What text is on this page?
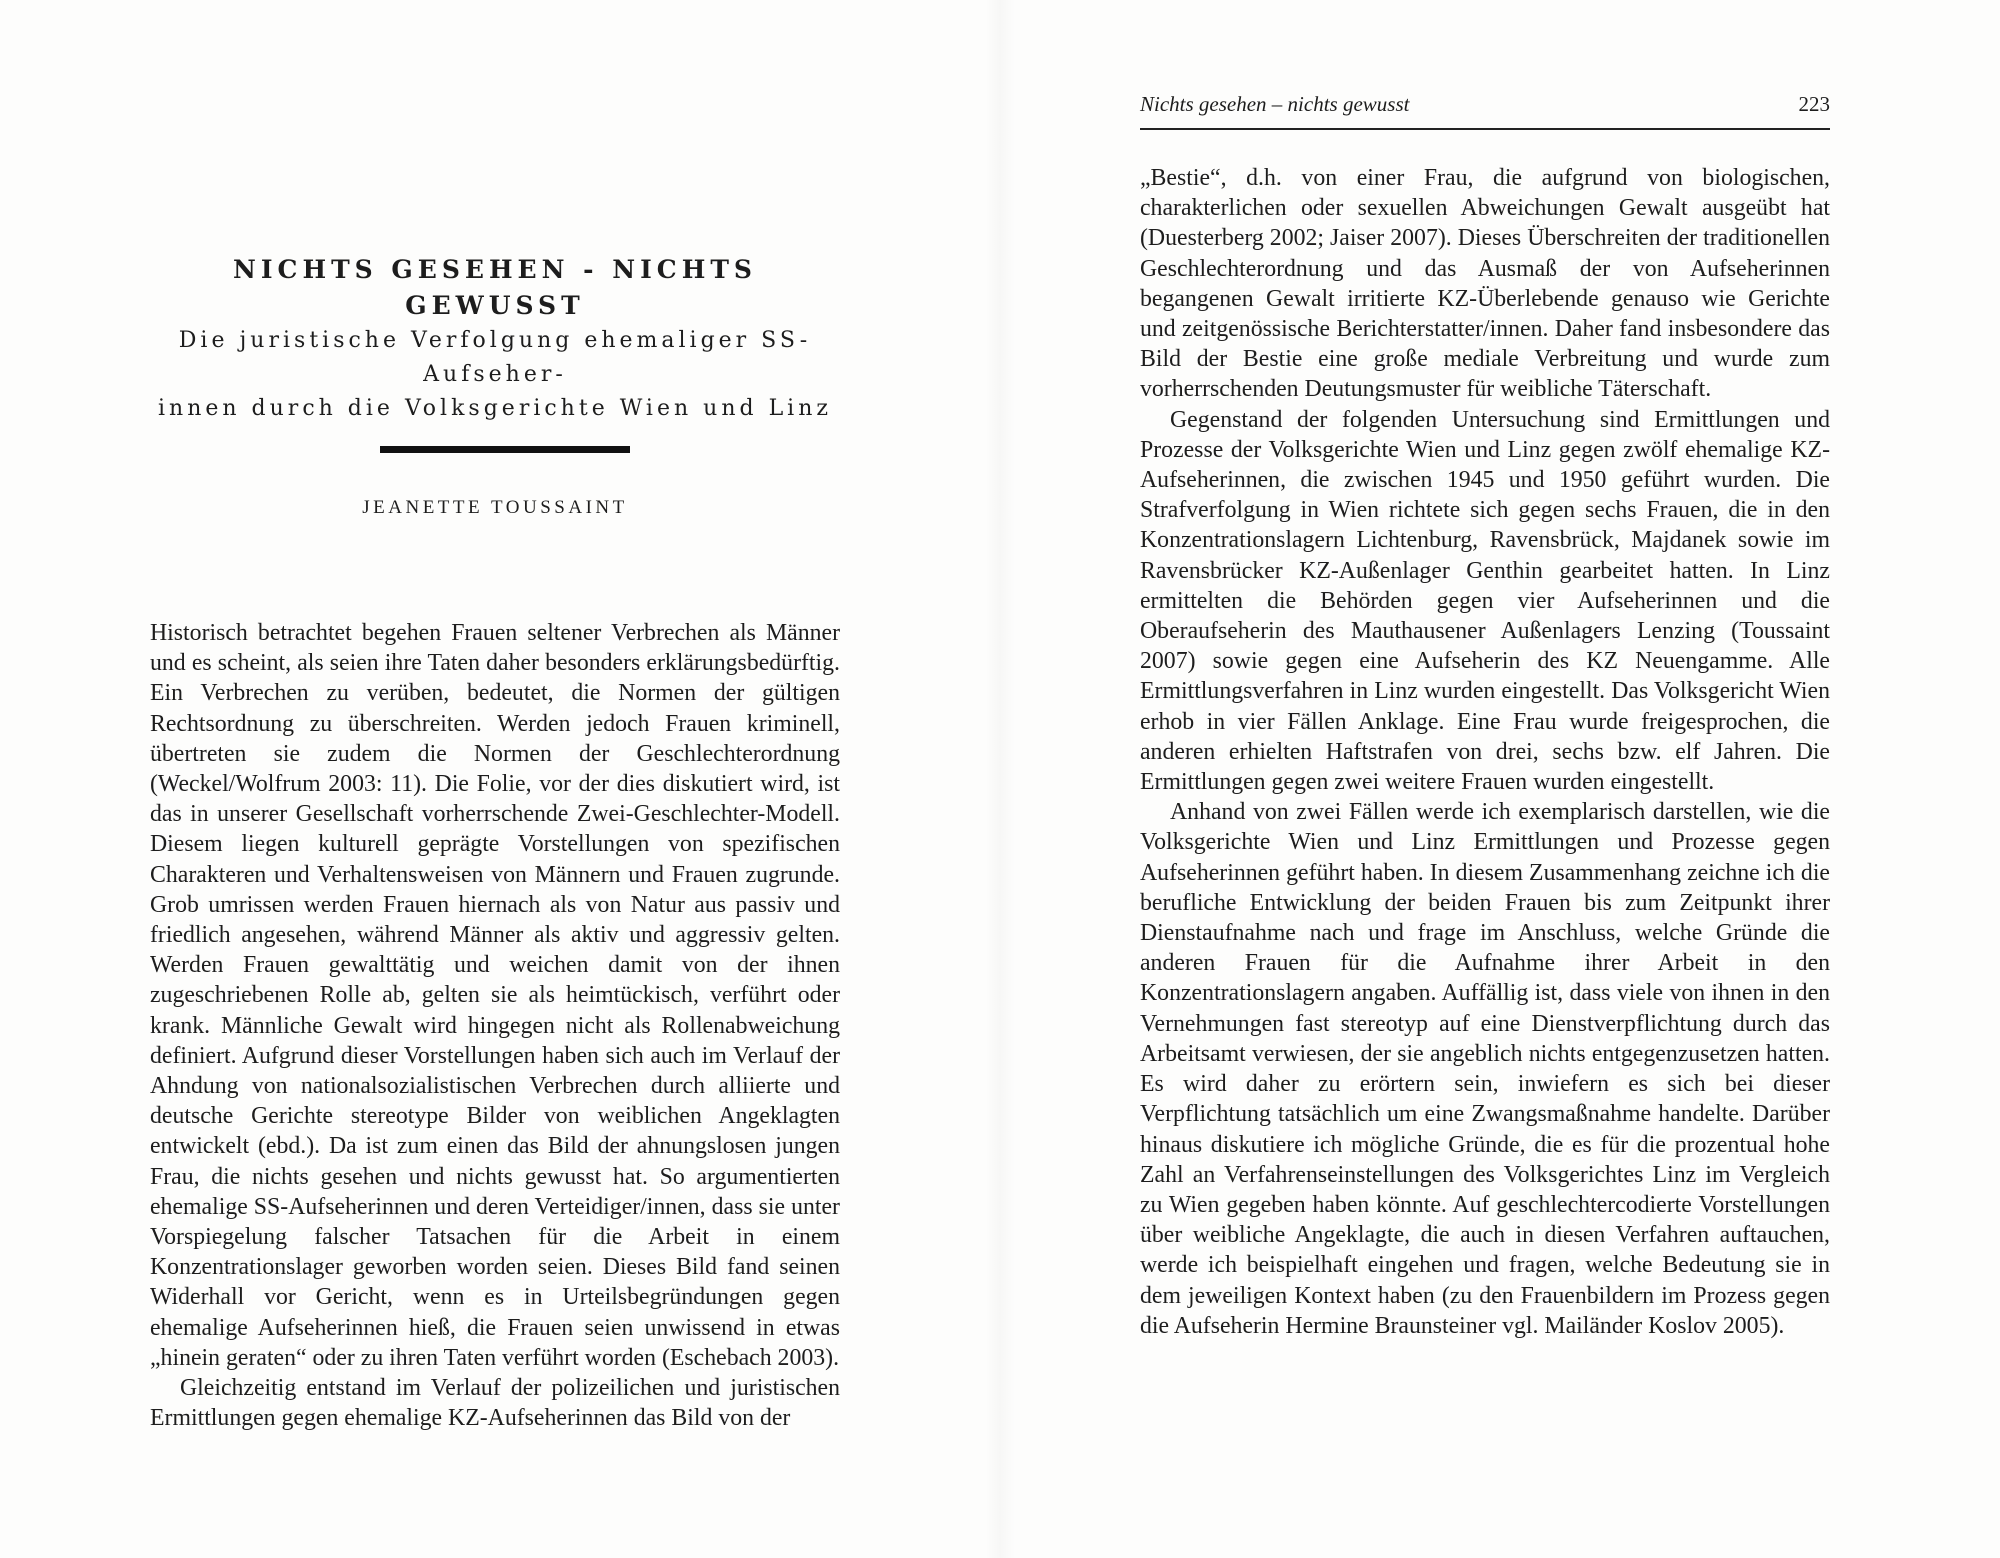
NICHTS GESEHEN - NICHTS GEWUSST

Die juristische Verfolgung ehemaliger SS-Aufseher-

innen durch die Volksgerichte Wien und Linz

JEANETTE TOUSSAINT

Historisch betrachtet begehen Frauen seltener Verbrechen als Männer und es scheint, als seien ihre Taten daher besonders erklärungsbedürftig. Ein Verbrechen zu verüben, bedeutet, die Normen der gültigen Rechtsordnung zu überschreiten. Werden jedoch Frauen kriminell, übertreten sie zudem die Normen der Geschlechterordnung (Weckel/Wolfrum 2003: 11). Die Folie, vor der dies diskutiert wird, ist das in unserer Gesellschaft vorherrschende Zwei-Geschlechter-Modell. Diesem liegen kulturell geprägte Vorstellungen von spezifischen Charakteren und Verhaltensweisen von Männern und Frauen zugrunde. Grob umrissen werden Frauen hiernach als von Natur aus passiv und friedlich angesehen, während Männer als aktiv und aggressiv gelten. Werden Frauen gewalttätig und weichen damit von der ihnen zugeschriebenen Rolle ab, gelten sie als heimtückisch, verführt oder krank. Männliche Gewalt wird hingegen nicht als Rollenabweichung definiert. Aufgrund dieser Vorstellungen haben sich auch im Verlauf der Ahndung von nationalsozialistischen Verbrechen durch alliierte und deutsche Gerichte stereotype Bilder von weiblichen Angeklagten entwickelt (ebd.). Da ist zum einen das Bild der ahnungslosen jungen Frau, die nichts gesehen und nichts gewusst hat. So argumentierten ehemalige SS-Aufseherinnen und deren Verteidiger/innen, dass sie unter Vorspiegelung falscher Tatsachen für die Arbeit in einem Konzentrationslager geworben worden seien. Dieses Bild fand seinen Widerhall vor Gericht, wenn es in Urteilsbegründungen gegen ehemalige Aufseherinnen hieß, die Frauen seien unwissend in etwas „hinein geraten“ oder zu ihren Taten verführt worden (Eschebach 2003).

Gleichzeitig entstand im Verlauf der polizeilichen und juristischen Ermittlungen gegen ehemalige KZ-Aufseherinnen das Bild von der

Nichts gesehen – nichts gewusst	223

„Bestie“, d.h. von einer Frau, die aufgrund von biologischen, charakterlichen oder sexuellen Abweichungen Gewalt ausgeübt hat (Duesterberg 2002; Jaiser 2007). Dieses Überschreiten der traditionellen Geschlechterordnung und das Ausmaß der von Aufseherinnen begangenen Gewalt irritierte KZ-Überlebende genauso wie Gerichte und zeitgenössische Berichterstatter/innen. Daher fand insbesondere das Bild der Bestie eine große mediale Verbreitung und wurde zum vorherrschenden Deutungsmuster für weibliche Täterschaft.

Gegenstand der folgenden Untersuchung sind Ermittlungen und Prozesse der Volksgerichte Wien und Linz gegen zwölf ehemalige KZ-Aufseherinnen, die zwischen 1945 und 1950 geführt wurden. Die Strafverfolgung in Wien richtete sich gegen sechs Frauen, die in den Konzentrationslagern Lichtenburg, Ravensbrück, Majdanek sowie im Ravensbrücker KZ-Außenlager Genthin gearbeitet hatten. In Linz ermittelten die Behörden gegen vier Aufseherinnen und die Oberaufseherin des Mauthausener Außenlagers Lenzing (Toussaint 2007) sowie gegen eine Aufseherin des KZ Neuengamme. Alle Ermittlungsverfahren in Linz wurden eingestellt. Das Volksgericht Wien erhob in vier Fällen Anklage. Eine Frau wurde freigesprochen, die anderen erhielten Haftstrafen von drei, sechs bzw. elf Jahren. Die Ermittlungen gegen zwei weitere Frauen wurden eingestellt.

Anhand von zwei Fällen werde ich exemplarisch darstellen, wie die Volksgerichte Wien und Linz Ermittlungen und Prozesse gegen Aufseherinnen geführt haben. In diesem Zusammenhang zeichne ich die berufliche Entwicklung der beiden Frauen bis zum Zeitpunkt ihrer Dienstaufnahme nach und frage im Anschluss, welche Gründe die anderen Frauen für die Aufnahme ihrer Arbeit in den Konzentrationslagern angaben. Auffällig ist, dass viele von ihnen in den Vernehmungen fast stereotyp auf eine Dienstverpflichtung durch das Arbeitsamt verwiesen, der sie angeblich nichts entgegenzusetzen hatten. Es wird daher zu erörtern sein, inwiefern es sich bei dieser Verpflichtung tatsächlich um eine Zwangsmaßnahme handelte. Darüber hinaus diskutiere ich mögliche Gründe, die es für die prozentual hohe Zahl an Verfahrenseinstellungen des Volksgerichtes Linz im Vergleich zu Wien gegeben haben könnte. Auf geschlechtercodierte Vorstellungen über weibliche Angeklagte, die auch in diesen Verfahren auftauchen, werde ich beispielhaft eingehen und fragen, welche Bedeutung sie in dem jeweiligen Kontext haben (zu den Frauenbildern im Prozess gegen die Aufseherin Hermine Braunsteiner vgl. Mailänder Koslov 2005).
